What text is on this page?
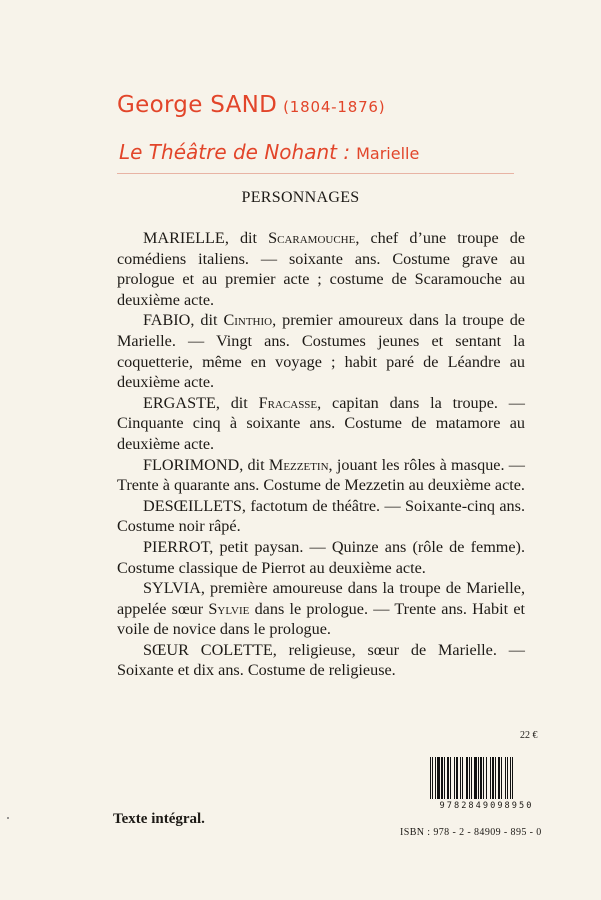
George SAND (1804-1876)
Le Théâtre de Nohant : Marielle
PERSONNAGES

MARIELLE, dit Scaramouche, chef d’une troupe de comédiens italiens. — soixante ans. Costume grave au prologue et au premier acte ; costume de Scaramouche au deuxième acte.

FABIO, dit Cinthio, premier amoureux dans la troupe de Marielle. — Vingt ans. Costumes jeunes et sentant la coquetterie, même en voyage ; habit paré de Léandre au deuxième acte.

ERGASTE, dit Fracasse, capitan dans la troupe. — Cinquante cinq à soixante ans. Costume de matamore au deuxième acte.

FLORIMOND, dit Mezzetin, jouant les rôles à masque. — Trente à quarante ans. Costume de Mezzetin au deuxième acte.

DESŒILLETS, factotum de théâtre. — Soixante-cinq ans. Costume noir râpé.

PIERROT, petit paysan. — Quinze ans (rôle de femme). Costume classique de Pierrot au deuxième acte.

SYLVIA, première amoureuse dans la troupe de Marielle, appelée sœur Sylvie dans le prologue. — Trente ans. Habit et voile de novice dans le prologue.

SŒUR COLETTE, religieuse, sœur de Marielle. — Soixante et dix ans. Costume de religieuse.

22 €
9782849098950
Texte intégral.
ISBN : 978 - 2 - 84909 - 895 - 0
